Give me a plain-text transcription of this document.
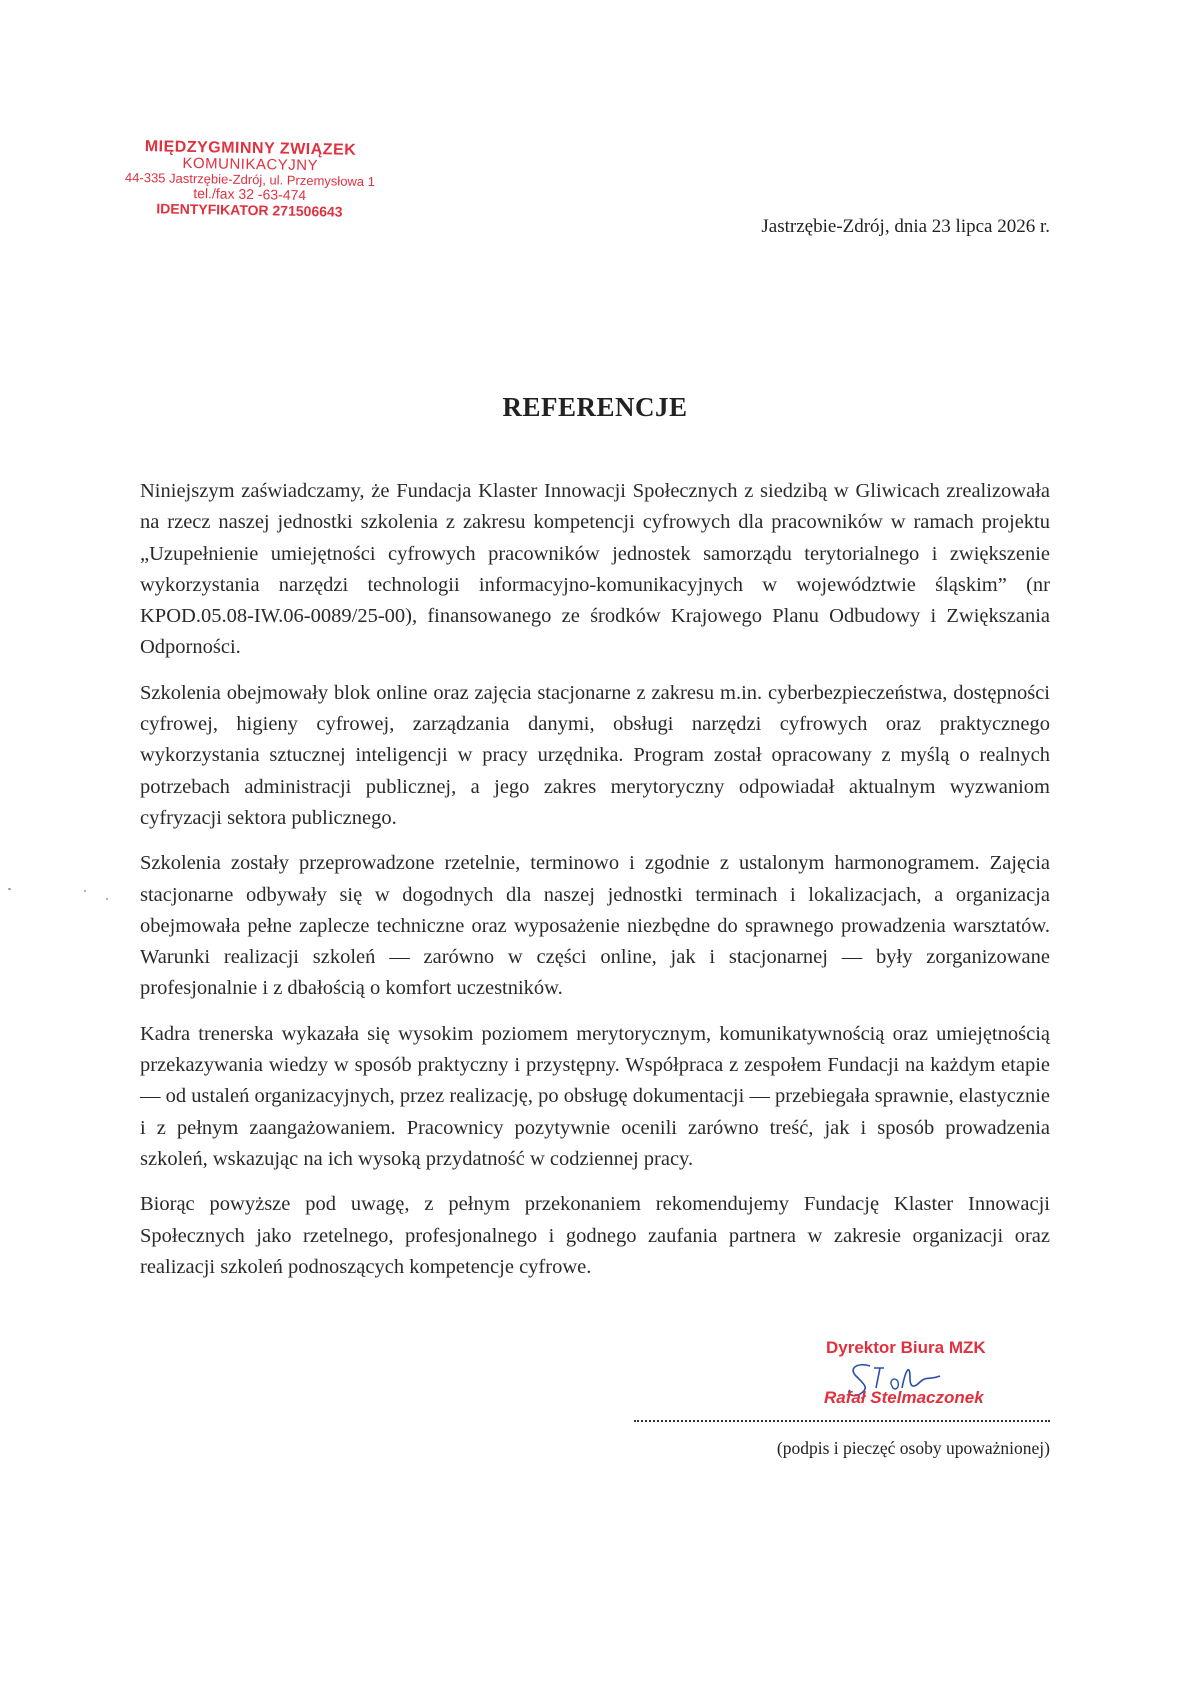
MIĘDZYGMINNY ZWIĄZEK
KOMUNIKACYJNY
44-335 Jastrzębie-Zdrój, ul. Przemysłowa 1
tel./fax 32 -63-474
IDENTYFIKATOR 271506643
Jastrzębie-Zdrój, dnia 23 lipca 2026 r.
REFERENCJE

Niniejszym zaświadczamy, że Fundacja Klaster Innowacji Społecznych z siedzibą w Gliwicach zrealizowała na rzecz naszej jednostki szkolenia z zakresu kompetencji cyfrowych dla pracowników w ramach projektu „Uzupełnienie umiejętności cyfrowych pracowników jednostek samorządu terytorialnego i zwiększenie wykorzystania narzędzi technologii informacyjno-komunikacyjnych w województwie śląskim” (nr KPOD.05.08-IW.06-0089/25-00), finansowanego ze środków Krajowego Planu Odbudowy i Zwiększania Odporności.

Szkolenia obejmowały blok online oraz zajęcia stacjonarne z zakresu m.in. cyberbezpieczeństwa, dostępności cyfrowej, higieny cyfrowej, zarządzania danymi, obsługi narzędzi cyfrowych oraz praktycznego wykorzystania sztucznej inteligencji w pracy urzędnika. Program został opracowany z myślą o realnych potrzebach administracji publicznej, a jego zakres merytoryczny odpowiadał aktualnym wyzwaniom cyfryzacji sektora publicznego.

Szkolenia zostały przeprowadzone rzetelnie, terminowo i zgodnie z ustalonym harmonogramem. Zajęcia stacjonarne odbywały się w dogodnych dla naszej jednostki terminach i lokalizacjach, a organizacja obejmowała pełne zaplecze techniczne oraz wyposażenie niezbędne do sprawnego prowadzenia warsztatów. Warunki realizacji szkoleń — zarówno w części online, jak i stacjonarnej — były zorganizowane profesjonalnie i z dbałością o komfort uczestników.

Kadra trenerska wykazała się wysokim poziomem merytorycznym, komunikatywnością oraz umiejętnością przekazywania wiedzy w sposób praktyczny i przystępny. Współpraca z zespołem Fundacji na każdym etapie — od ustaleń organizacyjnych, przez realizację, po obsługę dokumentacji — przebiegała sprawnie, elastycznie i z pełnym zaangażowaniem. Pracownicy pozytywnie ocenili zarówno treść, jak i sposób prowadzenia szkoleń, wskazując na ich wysoką przydatność w codziennej pracy.

Biorąc powyższe pod uwagę, z pełnym przekonaniem rekomendujemy Fundację Klaster Innowacji Społecznych jako rzetelnego, profesjonalnego i godnego zaufania partnera w zakresie organizacji oraz realizacji szkoleń podnoszących kompetencje cyfrowe.

Dyrektor Biura MZK
Rafał Stelmaczonek
(podpis i pieczęć osoby upoważnionej)
